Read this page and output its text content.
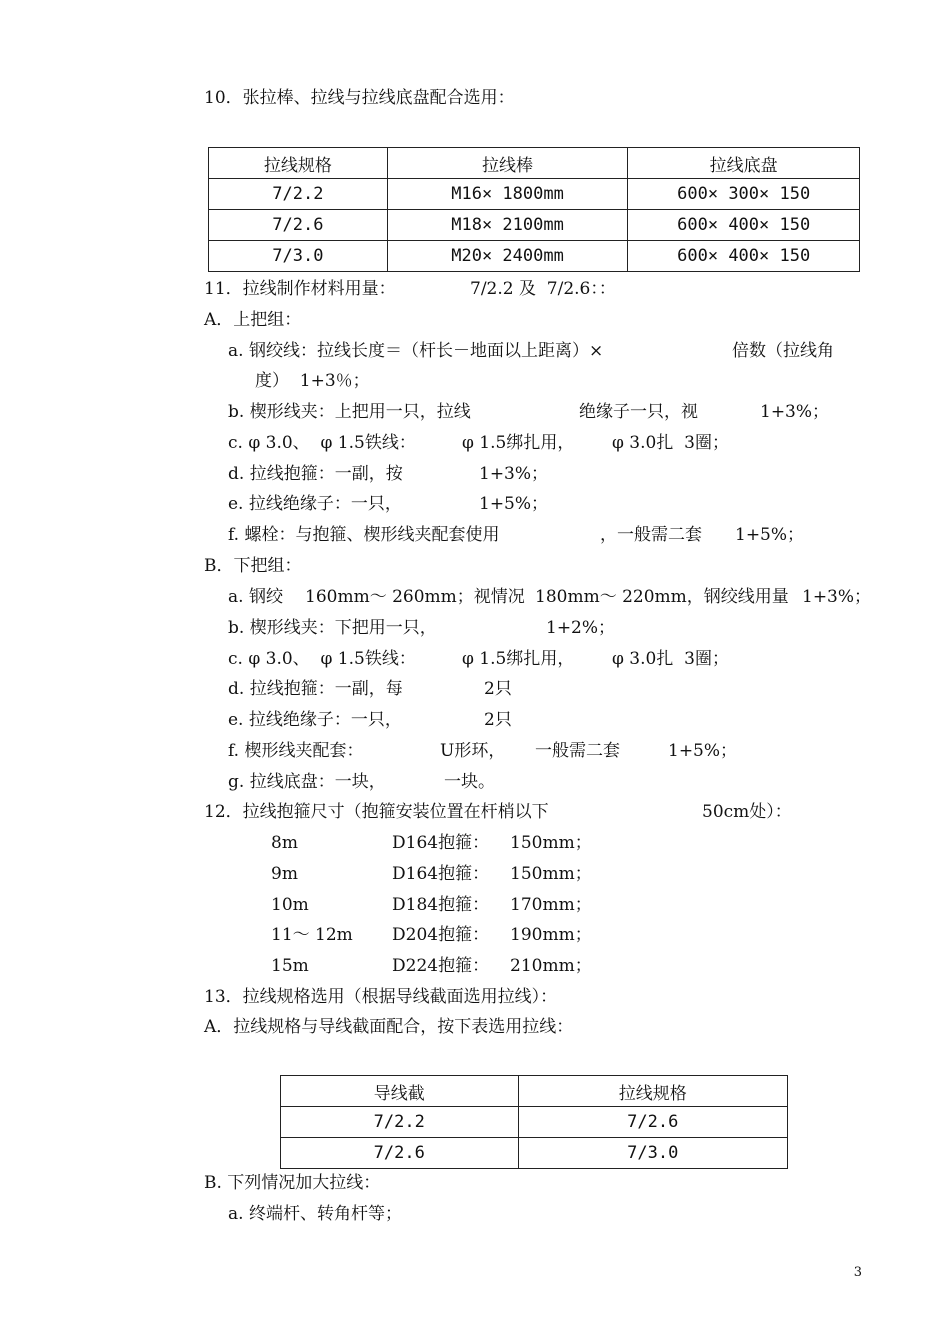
10．张拉棒、拉线与拉线底盘配合选用：
拉线规格	拉线棒	拉线底盘
7/2.2	M16× 1800mm	600× 300× 150
7/2.6	M18× 2100mm	600× 400× 150
7/3.0	M20× 2400mm	600× 400× 150
11．拉线制作材料用量：	7/2.2 及  7/2.6：：
A．上把组：
a. 钢绞线：拉线长度＝（杆长－地面以上距离）×	倍数（拉线角
度）  1+3％；
b. 楔形线夹：上把用一只，拉线	绝缘子一只，视	1+3%；
c. φ 3.0、  φ 1.5铁线：	φ 1.5绑扎用， φ 3.0扎  3圈；
d. 拉线抱箍：一副，按	1+3%；
e. 拉线绝缘子：一只，	1+5%；
f. 螺栓：与抱箍、楔形线夹配套使用	，一般需二套 1+5%；
B．下把组：
a. 钢绞 160mm～ 260mm；视情况 180mm～ 220mm，钢绞线用量 1+3%；
b. 楔形线夹：下把用一只，	1+2%；
c. φ 3.0、  φ 1.5铁线：	φ 1.5绑扎用， φ 3.0扎  3圈；
d. 拉线抱箍：一副，每	2只
e. 拉线绝缘子：一只，	2只
f. 楔形线夹配套：	U形环， 一般需二套	1+5%；
g. 拉线底盘：一块，	一块。
12．拉线抱箍尺寸（抱箍安装位置在杆梢以下	50cm处）：
8m	D164抱箍： 150mm；
9m	D164抱箍： 150mm；
10m	D184抱箍： 170mm；
11～ 12m D204抱箍： 190mm；
15m	D224抱箍： 210mm；
13．拉线规格选用（根据导线截面选用拉线）：
A．拉线规格与导线截面配合，按下表选用拉线：
导线截	拉线规格
7/2.2	7/2.6
7/2.6	7/3.0
B. 下列情况加大拉线：
a. 终端杆、转角杆等；
3
